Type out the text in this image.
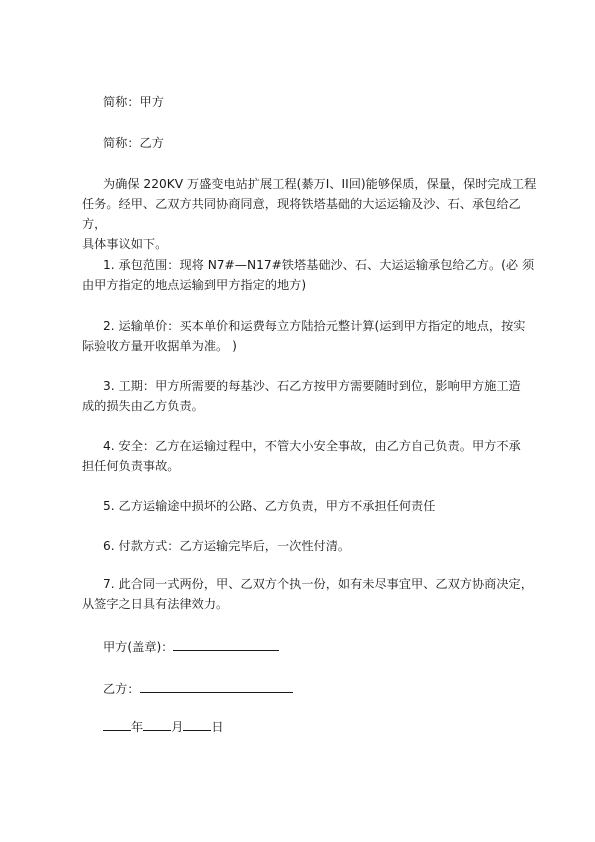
简称：甲方

简称：乙方

为确保 220KV 万盛变电站扩展工程(綦万I、II回)能够保质，保量，保时完成工程
任务。经甲、乙双方共同协商同意，现将铁塔基础的大运运输及沙、石、承包给乙方，
具体事议如下。
1. 承包范围：现将 N7#—N17#铁塔基础沙、石、大运运输承包给乙方。(必 须
由甲方指定的地点运输到甲方指定的地方)
2. 运输单价：买本单价和运费每立方陆拾元整计算(运到甲方指定的地点，按实
际验收方量开收据单为准。 )
3. 工期：甲方所需要的每基沙、石乙方按甲方需要随时到位，影响甲方施工造
成的损失由乙方负责。
4. 安全：乙方在运输过程中，不管大小安全事故，由乙方自己负责。甲方不承
担任何负责事故。
5. 乙方运输途中损坏的公路、乙方负责，甲方不承担任何责任
6. 付款方式：乙方运输完毕后，一次性付清。
7. 此合同一式两份，甲、乙双方个执一份，如有未尽事宜甲、乙双方协商决定，
从签字之日具有法律效力。
甲方(盖章)：
乙方：
年 月 日
